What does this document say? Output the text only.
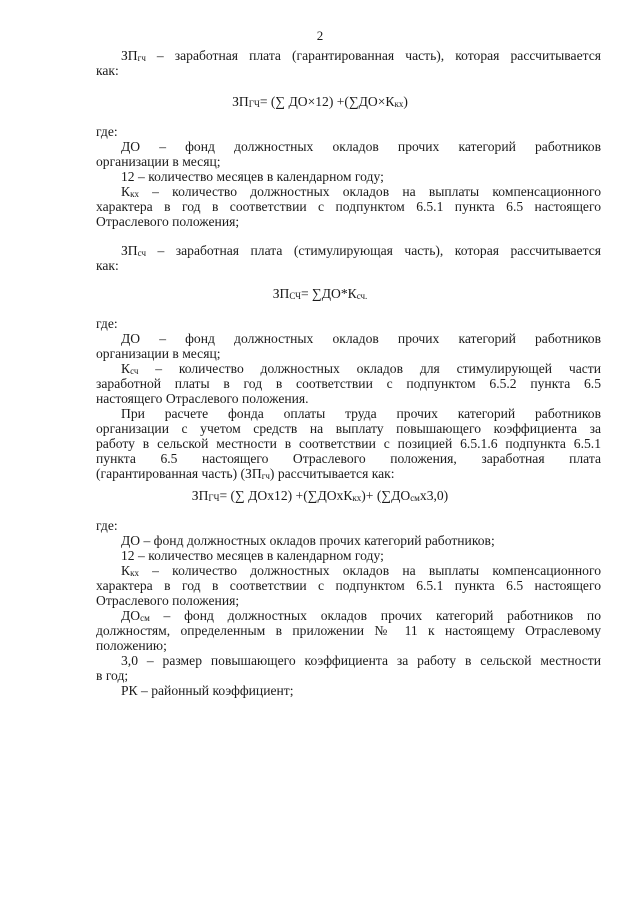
2

ЗПгч – заработная плата (гарантированная часть), которая рассчитывается

как:

ЗПГЧ= (∑ ДО×12) +(∑ДО×Ккх)

где:

ДО – фонд должностных окладов прочих категорий работников

организации в месяц;

12 – количество месяцев в календарном году;

Ккх – количество должностных окладов на выплаты компенсационного

характера в год в соответствии с подпунктом 6.5.1 пункта 6.5 настоящего

Отраслевого положения;

ЗПсч – заработная плата (стимулирующая часть), которая рассчитывается

как:

ЗПСЧ= ∑ДО*Ксч.

где:

ДО – фонд должностных окладов прочих категорий работников

организации в месяц;

Ксч – количество должностных окладов для стимулирующей части

заработной платы в год в соответствии с подпунктом 6.5.2 пункта 6.5

настоящего Отраслевого положения.

При расчете фонда оплаты труда прочих категорий работников

организации с учетом средств на выплату повышающего коэффициента за

работу в сельской местности в соответствии с позицией 6.5.1.6 подпункта 6.5.1

пункта 6.5 настоящего Отраслевого положения, заработная плата

(гарантированная часть) (ЗПгч) рассчитывается как:

ЗПГЧ= (∑ ДОх12) +(∑ДОхКкх)+ (∑ДОсмх3,0)

где:

ДО – фонд должностных окладов прочих категорий работников;

12 – количество месяцев в календарном году;

Ккх – количество должностных окладов на выплаты компенсационного

характера в год в соответствии с подпунктом 6.5.1 пункта 6.5 настоящего

Отраслевого положения;

ДОсм – фонд должностных окладов прочих категорий работников по

должностям, определенным в приложении № 11 к настоящему Отраслевому

положению;

3,0 – размер повышающего коэффициента за работу в сельской местности

в год;

РК – районный коэффициент;
